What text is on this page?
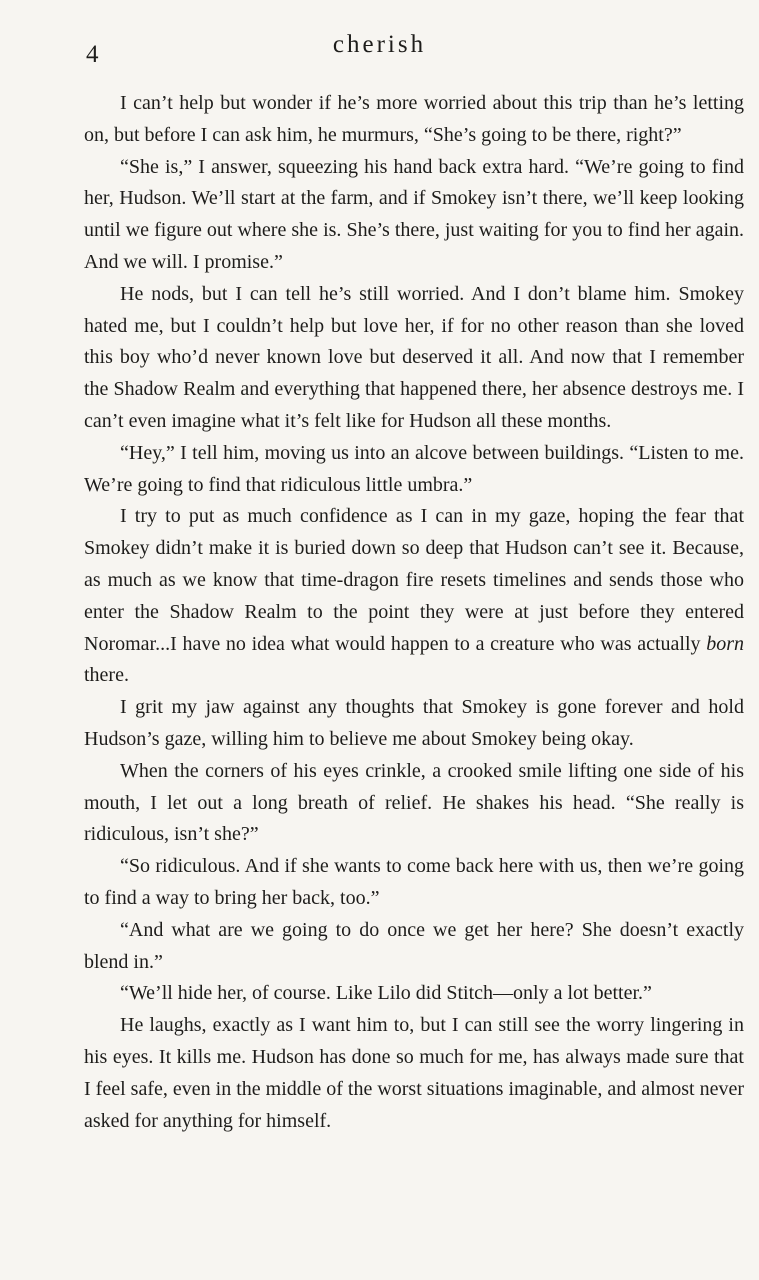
4	cherish

I can’t help but wonder if he’s more worried about this trip than he’s letting on, but before I can ask him, he murmurs, “She’s going to be there, right?”

“She is,” I answer, squeezing his hand back extra hard. “We’re going to find her, Hudson. We’ll start at the farm, and if Smokey isn’t there, we’ll keep looking until we figure out where she is. She’s there, just waiting for you to find her again. And we will. I promise.”

He nods, but I can tell he’s still worried. And I don’t blame him. Smokey hated me, but I couldn’t help but love her, if for no other reason than she loved this boy who’d never known love but deserved it all. And now that I remember the Shadow Realm and everything that happened there, her absence destroys me. I can’t even imagine what it’s felt like for Hudson all these months.

“Hey,” I tell him, moving us into an alcove between buildings. “Listen to me. We’re going to find that ridiculous little umbra.”

I try to put as much confidence as I can in my gaze, hoping the fear that Smokey didn’t make it is buried down so deep that Hudson can’t see it. Because, as much as we know that time-dragon fire resets timelines and sends those who enter the Shadow Realm to the point they were at just before they entered Noromar...I have no idea what would happen to a creature who was actually born there.

I grit my jaw against any thoughts that Smokey is gone forever and hold Hudson’s gaze, willing him to believe me about Smokey being okay.

When the corners of his eyes crinkle, a crooked smile lifting one side of his mouth, I let out a long breath of relief. He shakes his head. “She really is ridiculous, isn’t she?”

“So ridiculous. And if she wants to come back here with us, then we’re going to find a way to bring her back, too.”

“And what are we going to do once we get her here? She doesn’t exactly blend in.”

“We’ll hide her, of course. Like Lilo did Stitch—only a lot better.”

He laughs, exactly as I want him to, but I can still see the worry lingering in his eyes. It kills me. Hudson has done so much for me, has always made sure that I feel safe, even in the middle of the worst situations imaginable, and almost never asked for anything for himself.
